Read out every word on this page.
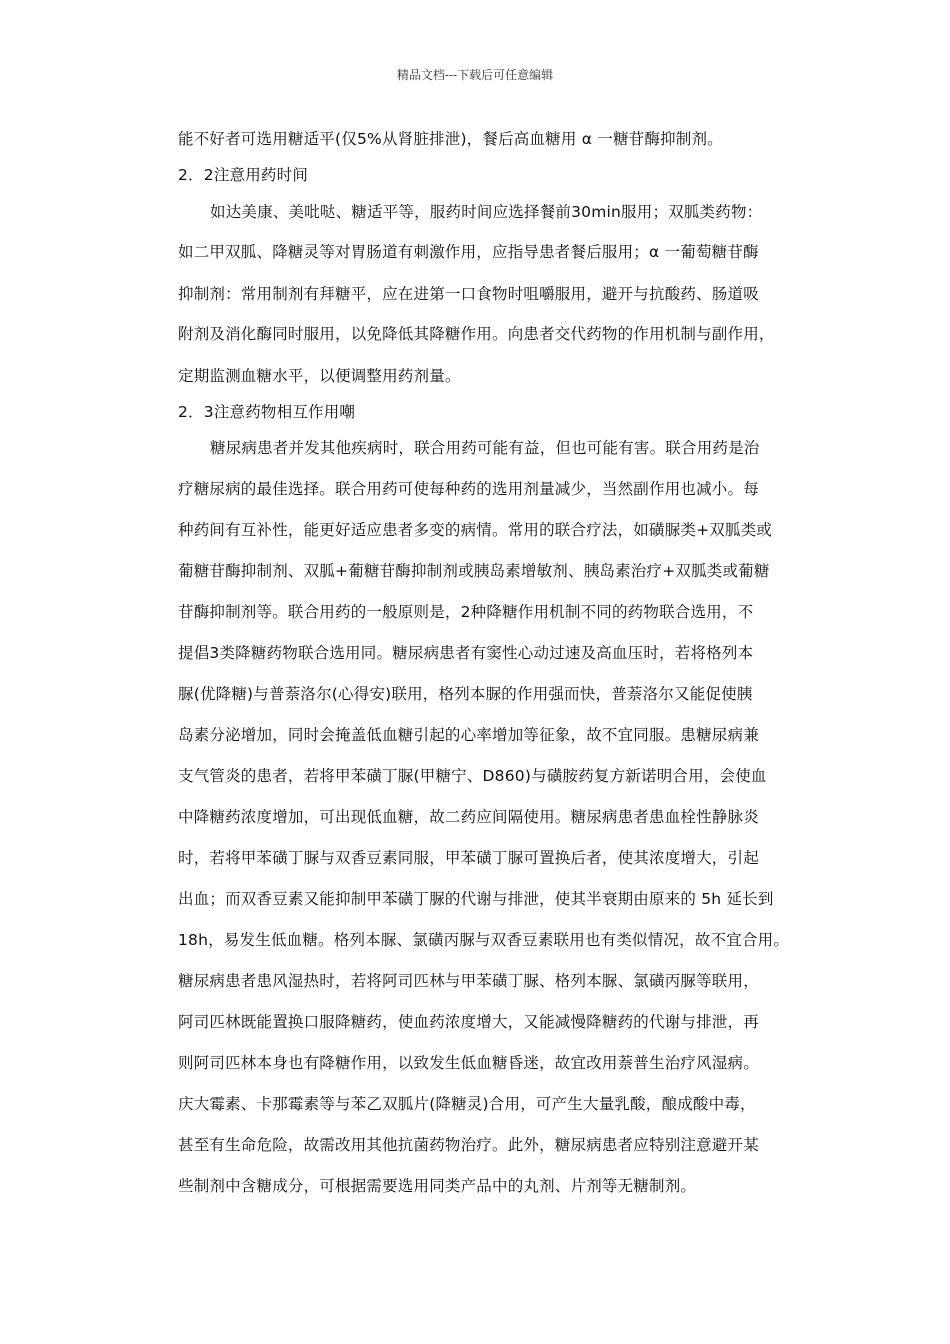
精品文档---下载后可任意编辑
能不好者可选用糖适平(仅5%从肾脏排泄)，餐后高血糖用 α 一糖苷酶抑制剂。
2．2注意用药时间
如达美康、美吡哒、糖适平等，服药时间应选择餐前30min服用；双胍类药物：
如二甲双胍、降糖灵等对胃肠道有刺激作用，应指导患者餐后服用；α 一葡萄糖苷酶
抑制剂：常用制剂有拜糖平，应在进第一口食物时咀嚼服用，避开与抗酸药、肠道吸
附剂及消化酶同时服用，以免降低其降糖作用。向患者交代药物的作用机制与副作用，
定期监测血糖水平，以便调整用药剂量。
2．3注意药物相互作用嘲
糖尿病患者并发其他疾病时，联合用药可能有益，但也可能有害。联合用药是治
疗糖尿病的最佳选择。联合用药可使每种药的选用剂量减少，当然副作用也减小。每
种药间有互补性，能更好适应患者多变的病情。常用的联合疗法，如磺脲类+双胍类或
葡糖苷酶抑制剂、双胍+葡糖苷酶抑制剂或胰岛素增敏剂、胰岛素治疗+双胍类或葡糖
苷酶抑制剂等。联合用药的一般原则是，2种降糖作用机制不同的药物联合选用，不
提倡3类降糖药物联合选用同。糖尿病患者有窦性心动过速及高血压时，若将格列本
脲(优降糖)与普萘洛尔(心得安)联用，格列本脲的作用强而快，普萘洛尔又能促使胰
岛素分泌增加，同时会掩盖低血糖引起的心率增加等征象，故不宜同服。患糖尿病兼
支气管炎的患者，若将甲苯磺丁脲(甲糖宁、D860)与磺胺药复方新诺明合用，会使血
中降糖药浓度增加，可出现低血糖，故二药应间隔使用。糖尿病患者患血栓性静脉炎
时，若将甲苯磺丁脲与双香豆素同服，甲苯磺丁脲可置换后者，使其浓度增大，引起
出血；而双香豆素又能抑制甲苯磺丁脲的代谢与排泄，使其半衰期由原来的 5h 延长到
18h，易发生低血糖。格列本脲、氯磺丙脲与双香豆素联用也有类似情况，故不宜合用。
糖尿病患者患风湿热时，若将阿司匹林与甲苯磺丁脲、格列本脲、氯磺丙脲等联用，
阿司匹林既能置换口服降糖药，使血药浓度增大，又能减慢降糖药的代谢与排泄，再
则阿司匹林本身也有降糖作用，以致发生低血糖昏迷，故宜改用萘普生治疗风湿病。
庆大霉素、卡那霉素等与苯乙双胍片(降糖灵)合用，可产生大量乳酸，酿成酸中毒，
甚至有生命危险，故需改用其他抗菌药物治疗。此外，糖尿病患者应特别注意避开某
些制剂中含糖成分，可根据需要选用同类产品中的丸剂、片剂等无糖制剂。
